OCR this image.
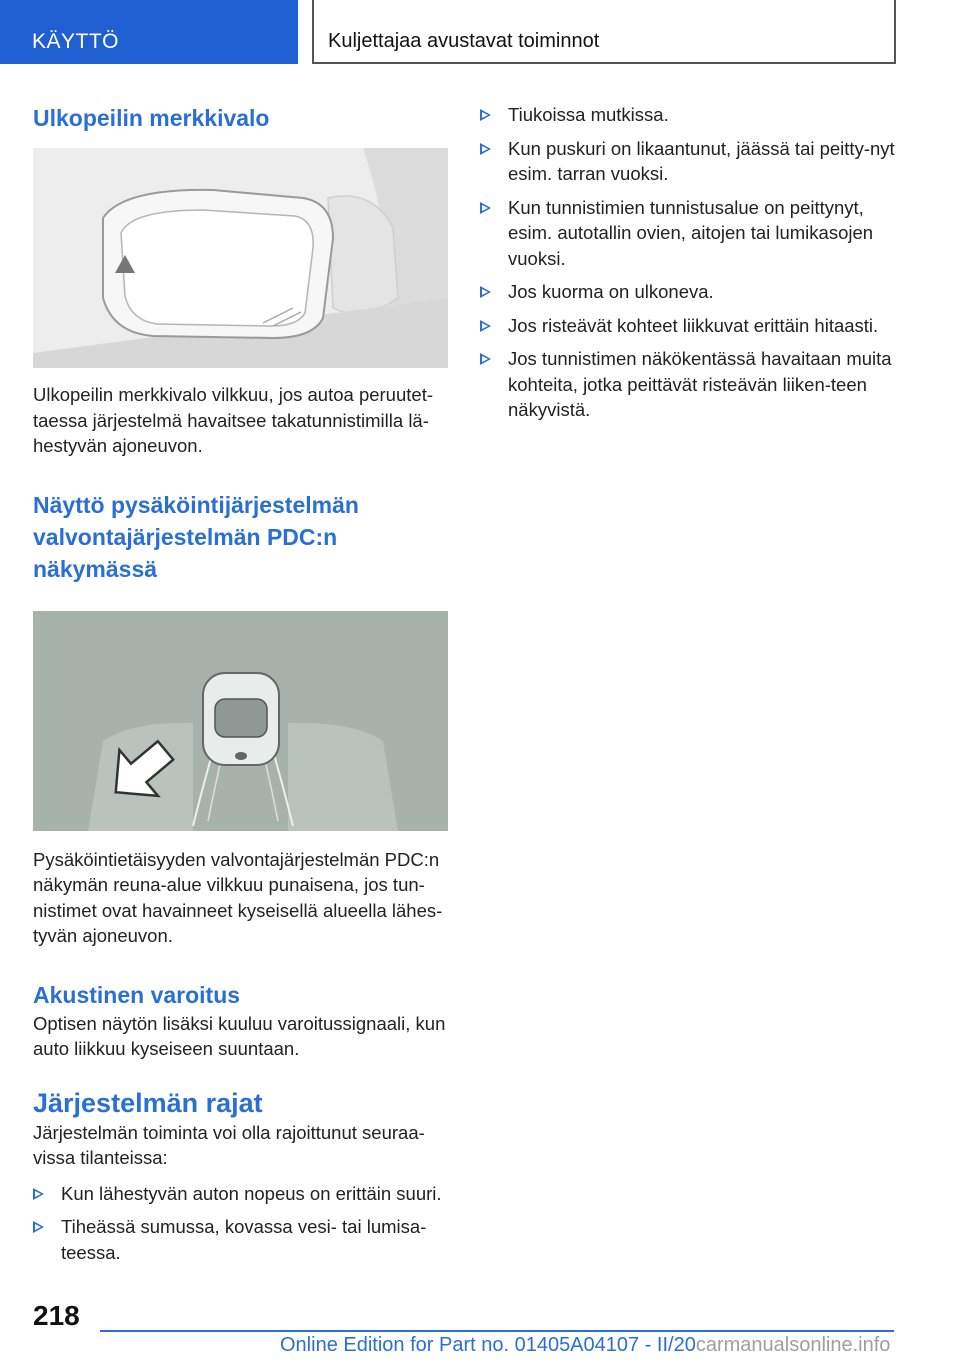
KÄYTTÖ	Kuljettajaa avustavat toiminnot
Ulkopeilin merkkivalo

Ulkopeilin merkkivalo vilkkuu, jos autoa peruutet-taessa järjestelmä havaitsee takatunnistimilla lä-hestyvän ajoneuvon.

Näyttö pysäköintijärjestelmän valvontajärjestelmän PDC:n näkymässä

Pysäköintietäisyyden valvontajärjestelmän PDC:n näkymän reuna-alue vilkkuu punaisena, jos tun-nistimet ovat havainneet kyseisellä alueella lähes-tyvän ajoneuvon.

Akustinen varoitus

Optisen näytön lisäksi kuuluu varoitussignaali, kun auto liikkuu kyseiseen suuntaan.

Järjestelmän rajat

Järjestelmän toiminta voi olla rajoittunut seuraa-vissa tilanteissa:

Kun lähestyvän auton nopeus on erittäin suuri.
Tiheässä sumussa, kovassa vesi- tai lumisa-teessa.
Tiukoissa mutkissa.
Kun puskuri on likaantunut, jäässä tai peitty-nyt esim. tarran vuoksi.
Kun tunnistimien tunnistusalue on peittynyt, esim. autotallin ovien, aitojen tai lumikasojen vuoksi.
Jos kuorma on ulkoneva.
Jos risteävät kohteet liikkuvat erittäin hitaasti.
Jos tunnistimen näkökentässä havaitaan muita kohteita, jotka peittävät risteävän liiken-teen näkyvistä.
218
Online Edition for Part no. 01405A04107 - II/20carmanualsonline.info
